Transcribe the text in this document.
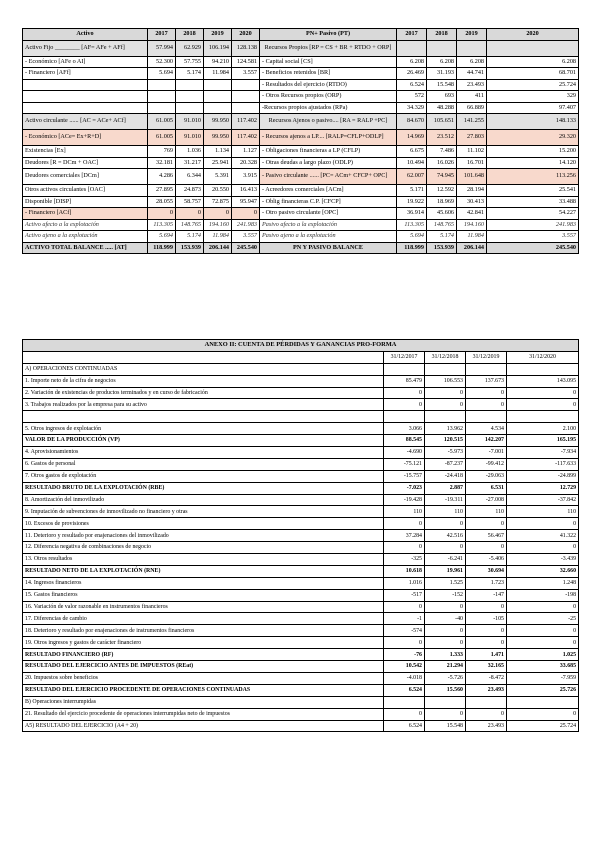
Activo	2017	2018	2019	2020	PN+ Pasivo (PT)	2017	2018	2019	2020
Activo Fijo ________ [AF= AFe + AFf]	57.994	62.929	106.194	128.138	Recursos Propios [RP = CS + BR + RTDO + ORP]				
- Económico [AFe o AI]	52.300	57.755	94.210	124.581	- Capital social [CS]	6.208	6.208	6.208	6.208
- Financiero [AFf]	5.694	5.174	11.984	3.557	- Beneficios retenidos [BR]	26.469	31.193	44.741	68.701
					- Resultados del ejercicio (RTDO)	6.524	15.548	23.493	25.724
					- Otros Recursos propios (ORP)	572	693	411	329
					-Recursos propios ajustados (RPa)	34.329	48.288	66.889	97.407
Activo circulante ...... [AC = ACe+ ACf]	61.005	91.010	99.950	117.402	Recursos Ajenos o pasivo.... [RA = RALP +PC]	84.670	105.651	141.255	148.133
- Económico [ACe= Ex+R+D]	61.005	91.010	99.950	117.402	- Recursos ajenos a LP.... [RALP=CFLP+ODLP]	14.969	23.512	27.803	29.320
Existencias [Ex]	769	1.036	1.134	1.127	- Obligaciones financieras a LP (CFLP)	6.675	7.486	11.102	15.200
Deudores [R = DCm + OAC]	32.181	31.217	25.941	20.328	- Otras deudas a largo plazo (ODLP)	10.494	16.026	16.701	14.120
Deudores comerciales [DCm]	4.286	6.344	5.391	3.915	- Pasivo circulante ...... [PC= ACm+ CFCP+ OPC]	62.007	74.945	101.648	113.256
Otros activos circulantes [OAC]	27.895	24.873	20.550	16.413	- Acreedores comerciales [ACm]	5.171	12.592	28.194	25.541
Disponible [DISP]	28.055	58.757	72.875	95.947	- Oblig financieras C.P. [CFCP]	19.922	18.969	30.413	33.488
- Financiero [ACf]	0	0	0	0	- Otro pasivo circulante [OPC]	36.914	45.606	42.841	54.227
Activo afecto a la explotación	113.305	148.765	194.160	241.983	Pasivo afecto a la explotación	113.305	148.765	194.160	241.983
Activo ajeno a la explotación	5.694	5.174	11.984	3.557	Pasivo ajeno a la explotación	5.694	5.174	11.984	3.557
ACTIVO TOTAL BALANCE ..... [AT]	118.999	153.939	206.144	245.540	PN Y PASIVO BALANCE	118.999	153.939	206.144	245.540
ANEXO II: CUENTA DE PÉRDIDAS Y GANANCIAS PRO-FORMA				
	31/12/2017	31/12/2018	31/12/2019	31/12/2020
A) OPERACIONES CONTINUADAS				
1. Importe neto de la cifra de negocios	85.479	106.553	137.673	143.095
2. Variación de existencias de productos terminados y en curso de fabricación	0	0	0	0
3. Trabajos realizados por la empresa para su activo	0	0	0	0

5. Otros ingresos de explotación	3.066	13.962	4.534	2.100
VALOR DE LA PRODUCCIÓN (VP)	88.545	120.515	142.207	165.195
4. Aprovisionamientos	-4.690	-5.973	-7.001	-7.934
6. Gastos de personal	-75.121	-87.237	-99.412	-117.633
7. Otros gastos de explotación	-15.757	-24.418	-29.063	-24.899
RESULTADO BRUTO DE LA EXPLOTACIÓN (RBE)	-7.023	2.887	6.531	12.729
8. Amortización del inmovilizado	-19.428	-19.311	-27.008	-37.842
9. Imputación de subvenciones de inmovilizado no financiero y otras	110	110	110	110
10. Excesos de provisiones	0	0	0	0
11. Deterioro y resultado por enajenaciones del inmovilizado	37.284	42.516	56.467	41.322
12. Diferencia negativa de combinaciones de negocio	0	0	0	0
13. Otros resultados	-325	-6.241	-5.406	-3.439
RESULTADO NETO DE LA EXPLOTACIÓN (RNE)	10.618	19.961	30.694	32.660
14. Ingresos financieros	1.016	1.525	1.723	1.248
15. Gastos financieros	-517	-152	-147	-198
16. Variación de valor razonable en instrumentos financieros	0	0	0	0
17. Diferencias de cambio	-1	-40	-105	-25
18. Deterioro y resultado por enajenaciones de instrumentos financieros	-574	0	0	0
19. Otros ingresos y gastos de carácter financiero	0	0	0	0
RESULTADO FINANCIERO (RF)	-76	1.333	1.471	1.025
RESULTADO DEL EJERCICIO ANTES DE IMPUESTOS (REat)	10.542	21.294	32.165	33.685
20. Impuestos sobre beneficios	-4.018	-5.726	-8.472	-7.959
RESULTADO DEL EJERCICIO PROCEDENTE DE OPERACIONES CONTINUADAS	6.524	15.560	23.493	25.726
B) Operaciones interrumpidas				
21. Resultado del ejercicio procedente de operaciones interrumpidas neto de impuestos	0	0	0	0
A5) RESULTADO DEL EJERCICIO (A4 + 20)	6.524	15.548	23.493	25.724
